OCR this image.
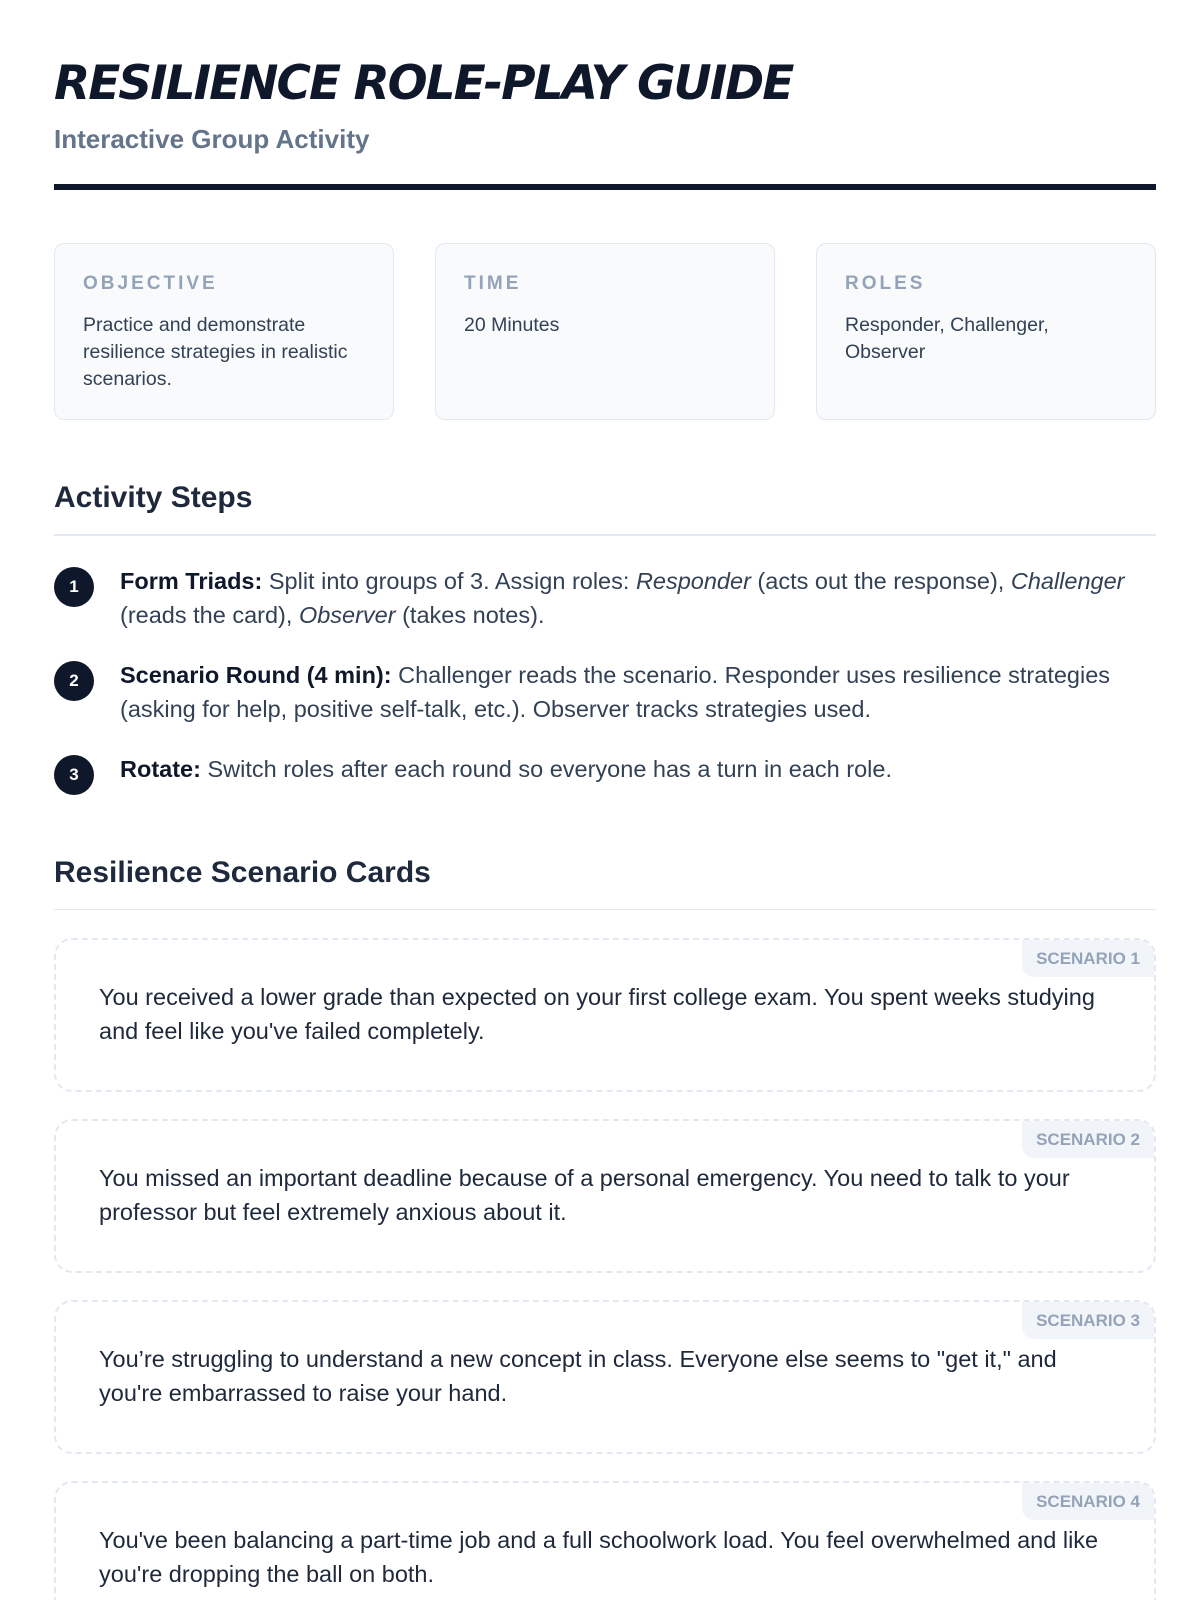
RESILIENCE ROLE-PLAY GUIDE
Interactive Group Activity
OBJECTIVE
Practice and demonstrate resilience strategies in realistic scenarios.
TIME
20 Minutes
ROLES
Responder, Challenger, Observer
Activity Steps
1	Form Triads: Split into groups of 3. Assign roles: Responder (acts out the response), Challenger (reads the card), Observer (takes notes).
2	Scenario Round (4 min): Challenger reads the scenario. Responder uses resilience strategies (asking for help, positive self-talk, etc.). Observer tracks strategies used.
3	Rotate: Switch roles after each round so everyone has a turn in each role.
Resilience Scenario Cards
SCENARIO 1

You received a lower grade than expected on your first college exam. You spent weeks studying and feel like you've failed completely.

SCENARIO 2

You missed an important deadline because of a personal emergency. You need to talk to your professor but feel extremely anxious about it.

SCENARIO 3

You’re struggling to understand a new concept in class. Everyone else seems to "get it," and you're embarrassed to raise your hand.

SCENARIO 4

You've been balancing a part-time job and a full schoolwork load. You feel overwhelmed and like you're dropping the ball on both.
